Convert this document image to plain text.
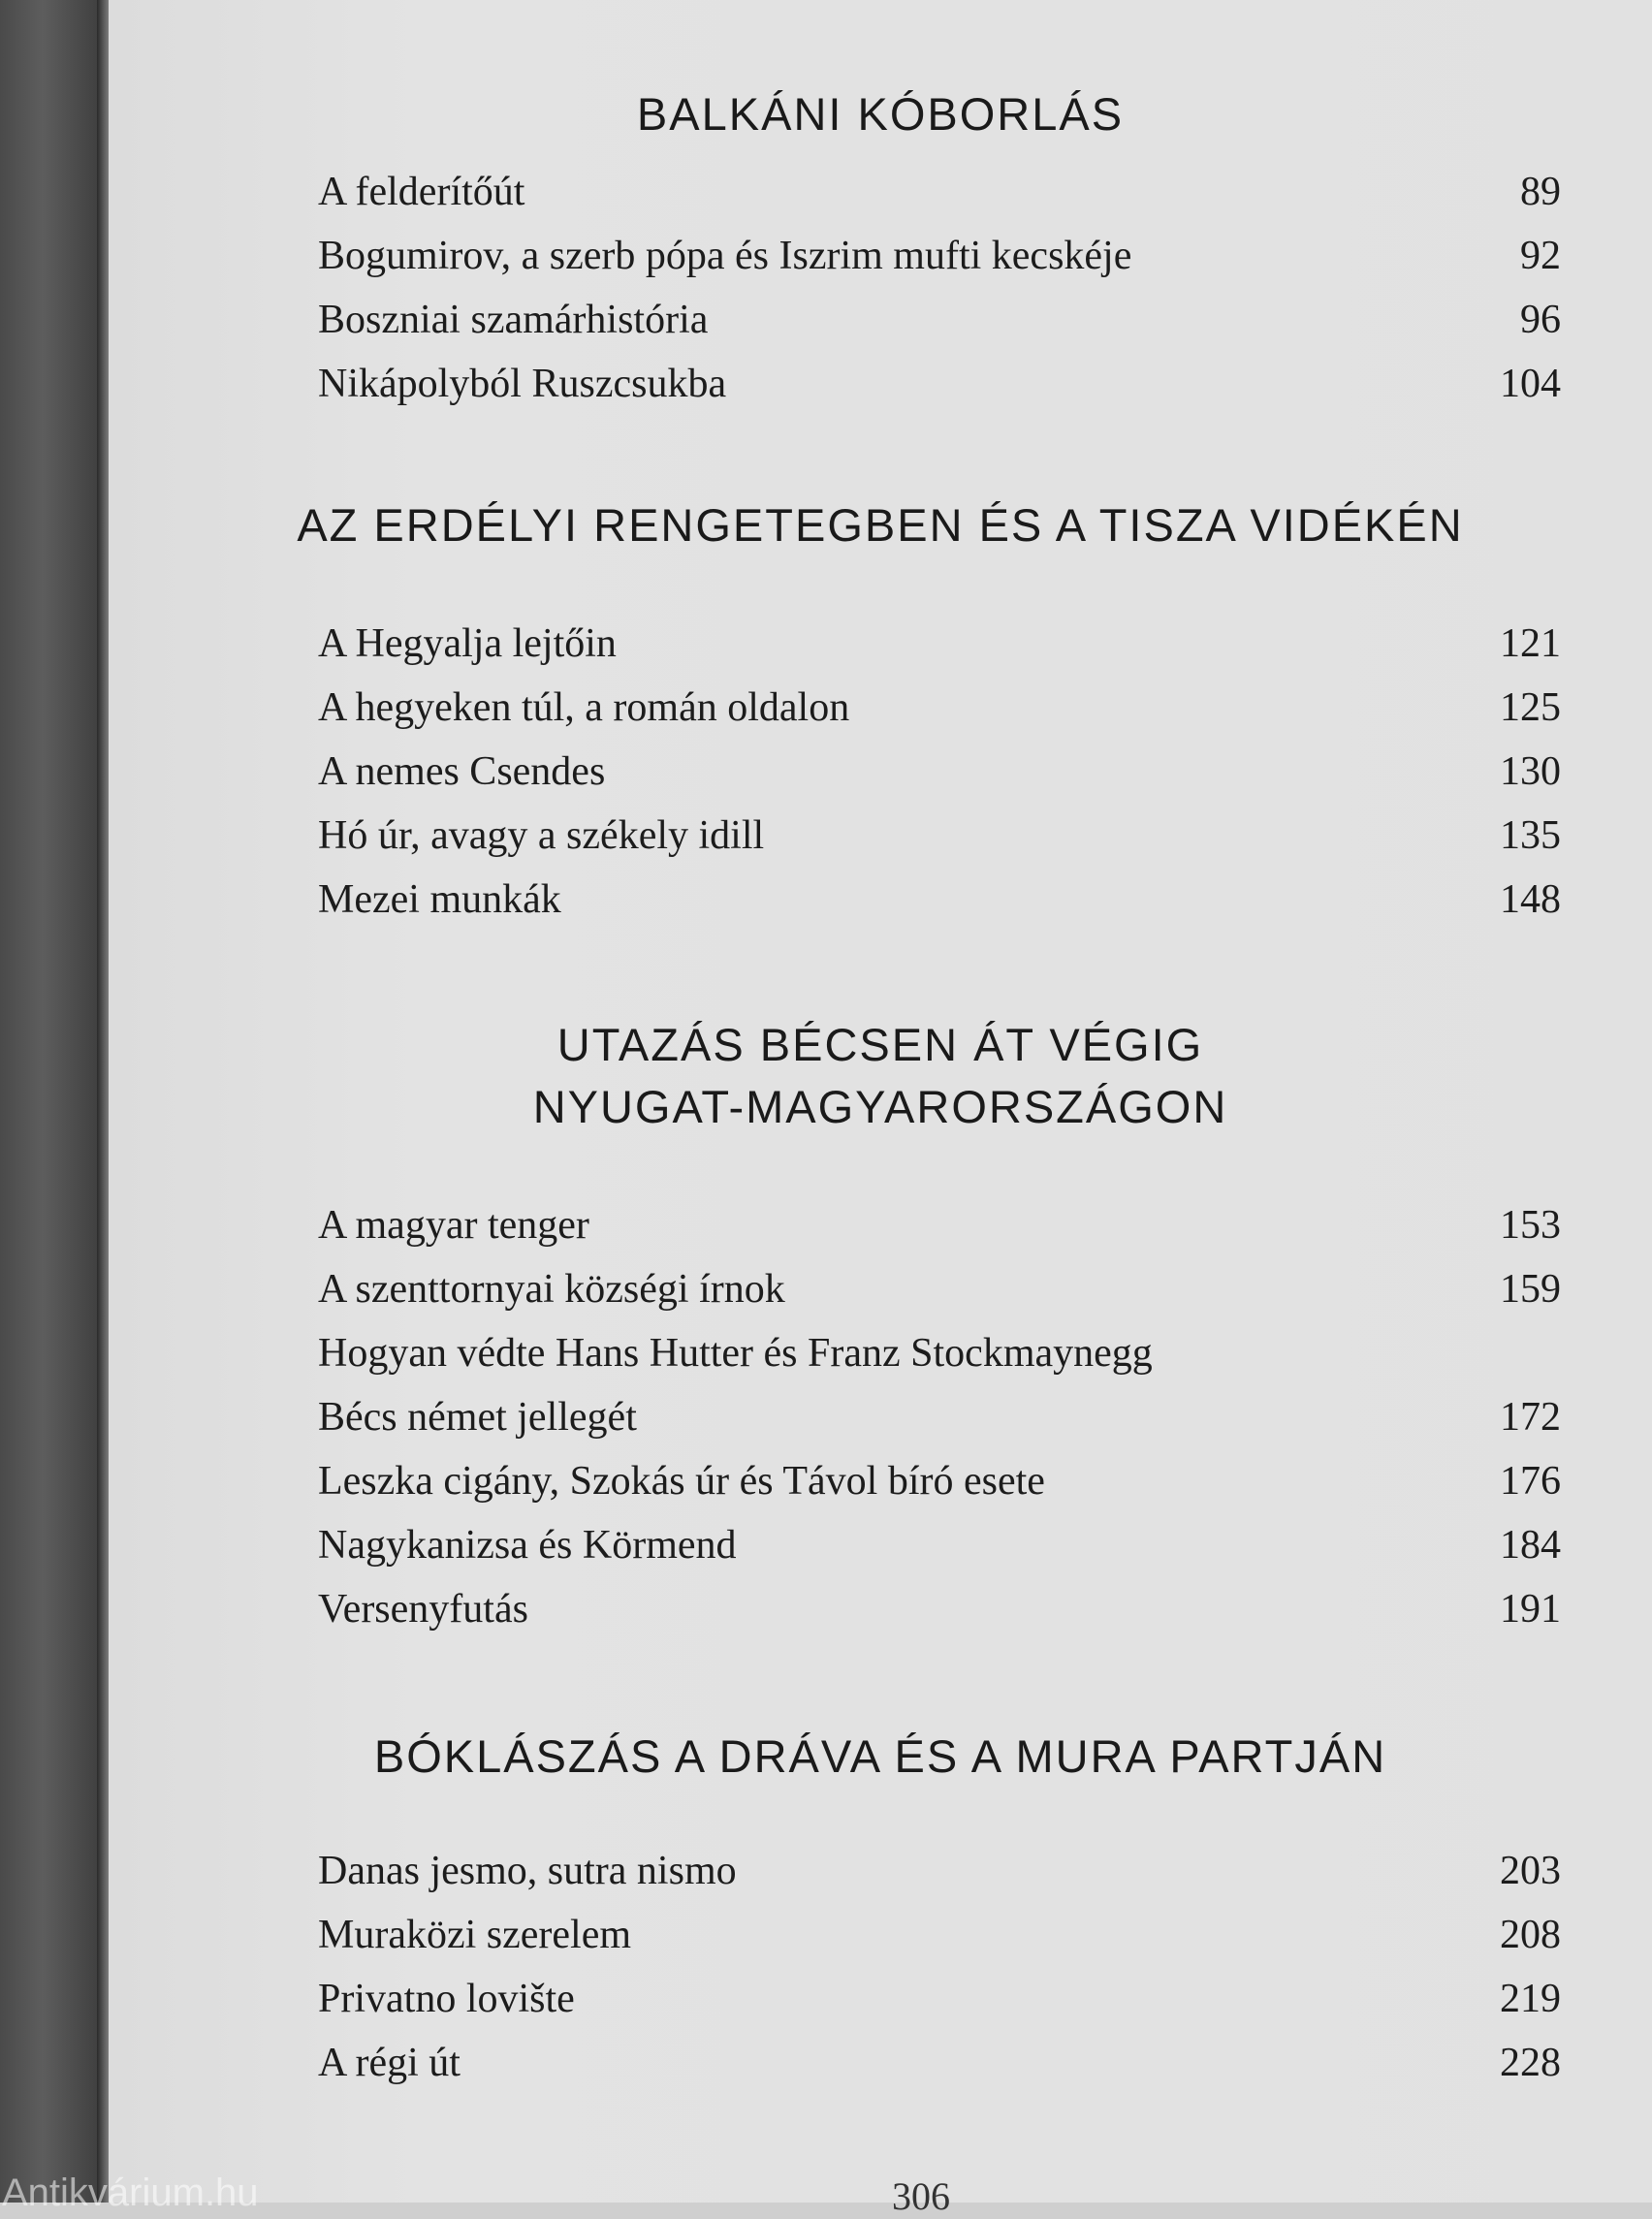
BALKÁNI KÓBORLÁS
A felderítőút	89
Bogumirov, a szerb pópa és Iszrim mufti kecskéje	92
Boszniai szamárhistória	96
Nikápolyból Ruszcsukba	104
AZ ERDÉLYI RENGETEGBEN ÉS A TISZA VIDÉKÉN
A Hegyalja lejtőin	121
A hegyeken túl, a román oldalon	125
A nemes Csendes	130
Hó úr, avagy a székely idill	135
Mezei munkák	148
UTAZÁS BÉCSEN ÁT VÉGIG
NYUGAT-MAGYARORSZÁGON
A magyar tenger	153
A szenttornyai községi írnok	159
Hogyan védte Hans Hutter és Franz Stockmaynegg
Bécs német jellegét	172
Leszka cigány, Szokás úr és Távol bíró esete	176
Nagykanizsa és Körmend	184
Versenyfutás	191
BÓKLÁSZÁS A DRÁVA ÉS A MURA PARTJÁN
Danas jesmo, sutra nismo	203
Muraközi szerelem	208
Privatno lovište	219
A régi út	228
306
Antikvárium.hu
